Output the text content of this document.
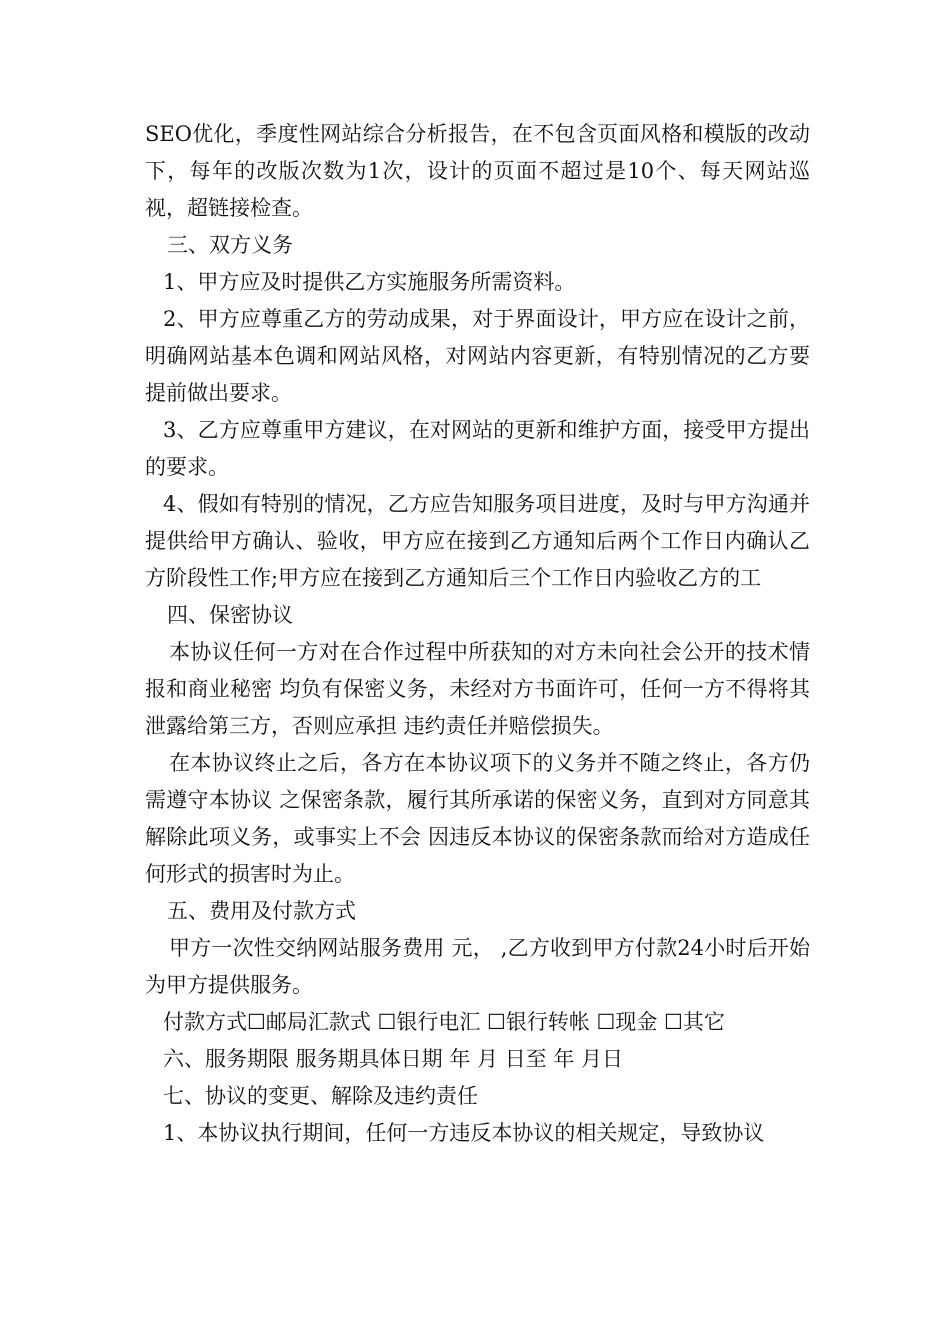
SEO优化，季度性网站综合分析报告，在不包含页面风格和模版的改动下，每年的改版次数为1次，设计的页面不超过是10个、每天网站巡视，超链接检查。

三、双方义务

1、甲方应及时提供乙方实施服务所需资料。

2、甲方应尊重乙方的劳动成果，对于界面设计，甲方应在设计之前，明确网站基本色调和网站风格，对网站内容更新，有特别情况的乙方要提前做出要求。

3、乙方应尊重甲方建议，在对网站的更新和维护方面，接受甲方提出的要求。

4、假如有特别的情况，乙方应告知服务项目进度，及时与甲方沟通并提供给甲方确认、验收，甲方应在接到乙方通知后两个工作日内确认乙方阶段性工作;甲方应在接到乙方通知后三个工作日内验收乙方的工

四、保密协议

本协议任何一方对在合作过程中所获知的对方未向社会公开的技术情报和商业秘密 均负有保密义务，未经对方书面许可，任何一方不得将其泄露给第三方，否则应承担 违约责任并赔偿损失。

在本协议终止之后，各方在本协议项下的义务并不随之终止，各方仍需遵守本协议 之保密条款，履行其所承诺的保密义务，直到对方同意其解除此项义务，或事实上不会 因违反本协议的保密条款而给对方造成任何形式的损害时为止。

五、费用及付款方式

甲方一次性交纳网站服务费用 元， ,乙方收到甲方付款24小时后开始为甲方提供服务。

付款方式☐邮局汇款式 ☐银行电汇 ☐银行转帐 ☐现金 ☐其它

六、服务期限 服务期具体日期 年 月 日至 年 月日

七、协议的变更、解除及违约责任

1、本协议执行期间，任何一方违反本协议的相关规定，导致协议
